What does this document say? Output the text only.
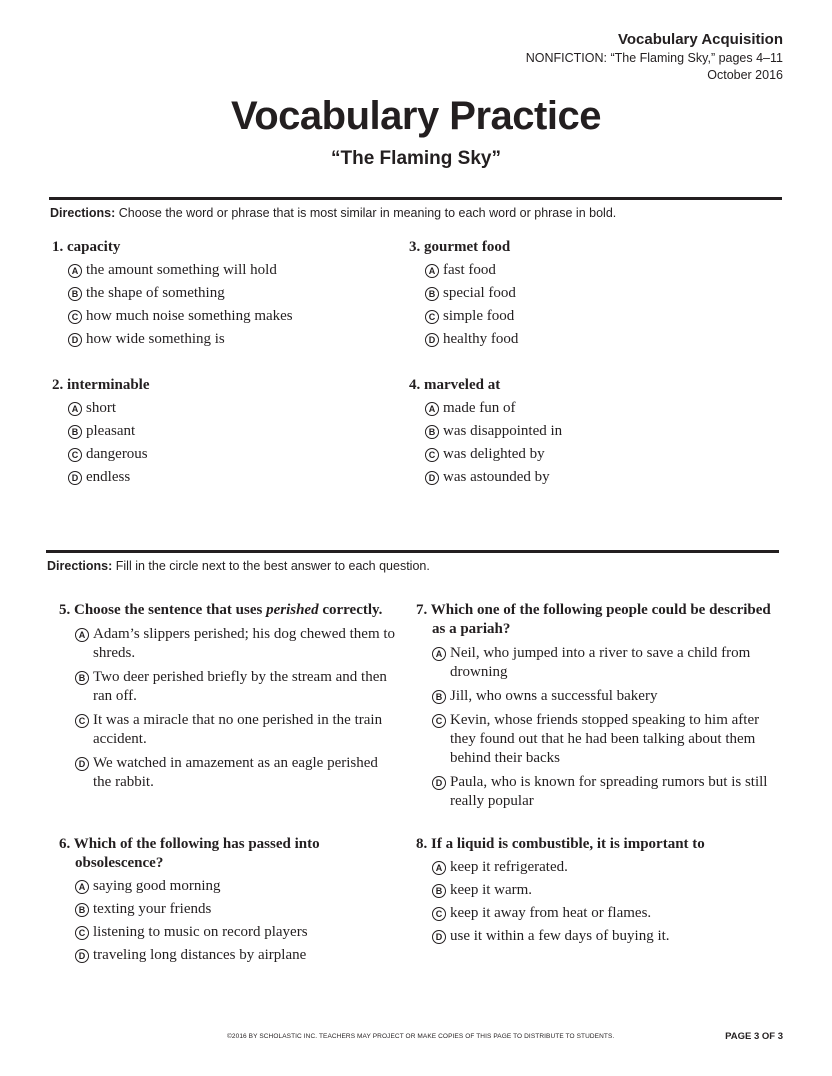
Vocabulary Acquisition
NONFICTION: “The Flaming Sky,” pages 4–11
October 2016
Vocabulary Practice
“The Flaming Sky”
Directions: Choose the word or phrase that is most similar in meaning to each word or phrase in bold.
1. capacity
A the amount something will hold
B the shape of something
C how much noise something makes
D how wide something is
2. interminable
A short
B pleasant
C dangerous
D endless
3. gourmet food
A fast food
B special food
C simple food
D healthy food
4. marveled at
A made fun of
B was disappointed in
C was delighted by
D was astounded by
Directions: Fill in the circle next to the best answer to each question.
5. Choose the sentence that uses perished correctly.
A Adam’s slippers perished; his dog chewed them to shreds.
B Two deer perished briefly by the stream and then ran off.
C It was a miracle that no one perished in the train accident.
D We watched in amazement as an eagle perished the rabbit.
6. Which of the following has passed into obsolescence?
A saying good morning
B texting your friends
C listening to music on record players
D traveling long distances by airplane
7. Which one of the following people could be described as a pariah?
A Neil, who jumped into a river to save a child from drowning
B Jill, who owns a successful bakery
C Kevin, whose friends stopped speaking to him after they found out that he had been talking about them behind their backs
D Paula, who is known for spreading rumors but is still really popular
8. If a liquid is combustible, it is important to
A keep it refrigerated.
B keep it warm.
C keep it away from heat or flames.
D use it within a few days of buying it.
©2016 BY SCHOLASTIC INC. TEACHERS MAY PROJECT OR MAKE COPIES OF THIS PAGE TO DISTRIBUTE TO STUDENTS.	PAGE 3 OF 3
